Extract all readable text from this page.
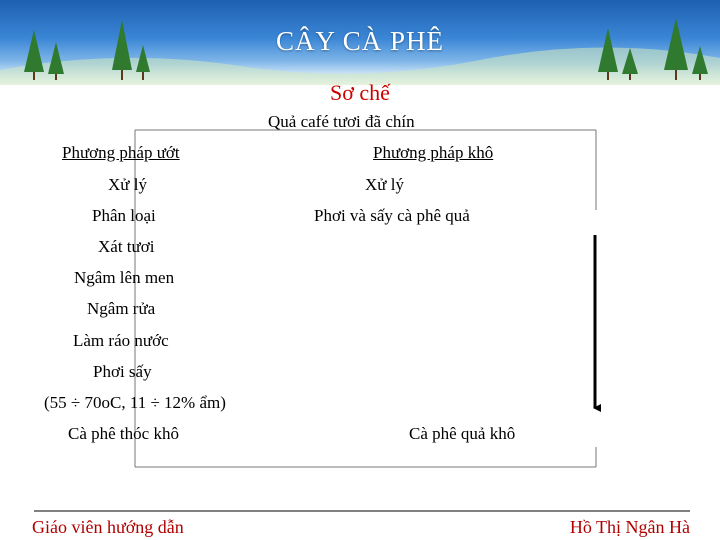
CÂY CÀ PHÊ
Sơ chế
Quả café tươi đã chín
Phương pháp ướt	Phương pháp khô
Xử lý
Phân loại
Xát tươi
Ngâm lên men
Ngâm rửa
Làm ráo nước
Phơi sấy
(55 ÷ 70oC, 11 ÷ 12% ẩm)
Cà phê thóc khô
Xử lý
Phơi và sấy cà phê quả
Cà phê quả khô
Giáo viên hướng dẫn	Hồ Thị Ngân Hà
